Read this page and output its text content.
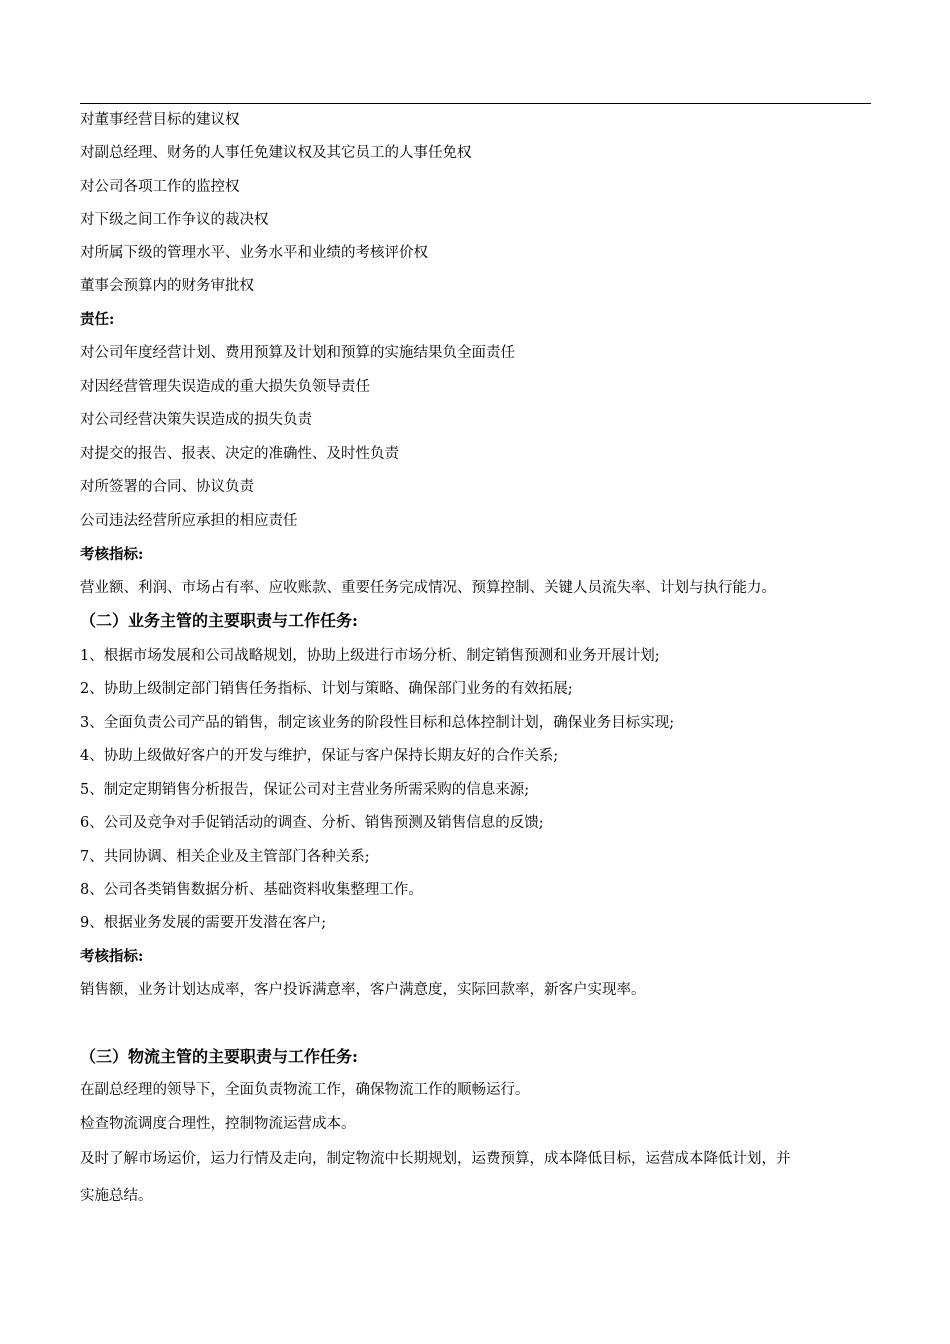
对董事经营目标的建议权
对副总经理、财务的人事任免建议权及其它员工的人事任免权
对公司各项工作的监控权
对下级之间工作争议的裁决权
对所属下级的管理水平、业务水平和业绩的考核评价权
董事会预算内的财务审批权
责任:
对公司年度经营计划、费用预算及计划和预算的实施结果负全面责任
对因经营管理失误造成的重大损失负领导责任
对公司经营决策失误造成的损失负责
对提交的报告、报表、决定的准确性、及时性负责
对所签署的合同、协议负责
公司违法经营所应承担的相应责任
考核指标:
营业额、利润、市场占有率、应收账款、重要任务完成情况、预算控制、关键人员流失率、计划与执行能力。
（二）业务主管的主要职责与工作任务:
1、根据市场发展和公司战略规划，协助上级进行市场分析、制定销售预测和业务开展计划;
2、协助上级制定部门销售任务指标、计划与策略、确保部门业务的有效拓展;
3、全面负责公司产品的销售，制定该业务的阶段性目标和总体控制计划，确保业务目标实现;
4、协助上级做好客户的开发与维护，保证与客户保持长期友好的合作关系;
5、制定定期销售分析报告，保证公司对主营业务所需采购的信息来源;
6、公司及竞争对手促销活动的调查、分析、销售预测及销售信息的反馈;
7、共同协调、相关企业及主管部门各种关系;
8、公司各类销售数据分析、基础资料收集整理工作。
9、根据业务发展的需要开发潜在客户;
考核指标:
销售额，业务计划达成率，客户投诉满意率，客户满意度，实际回款率，新客户实现率。
（三）物流主管的主要职责与工作任务:
在副总经理的领导下，全面负责物流工作，确保物流工作的顺畅运行。
检查物流调度合理性，控制物流运营成本。
及时了解市场运价，运力行情及走向，制定物流中长期规划，运费预算，成本降低目标，运营成本降低计划，并
实施总结。
